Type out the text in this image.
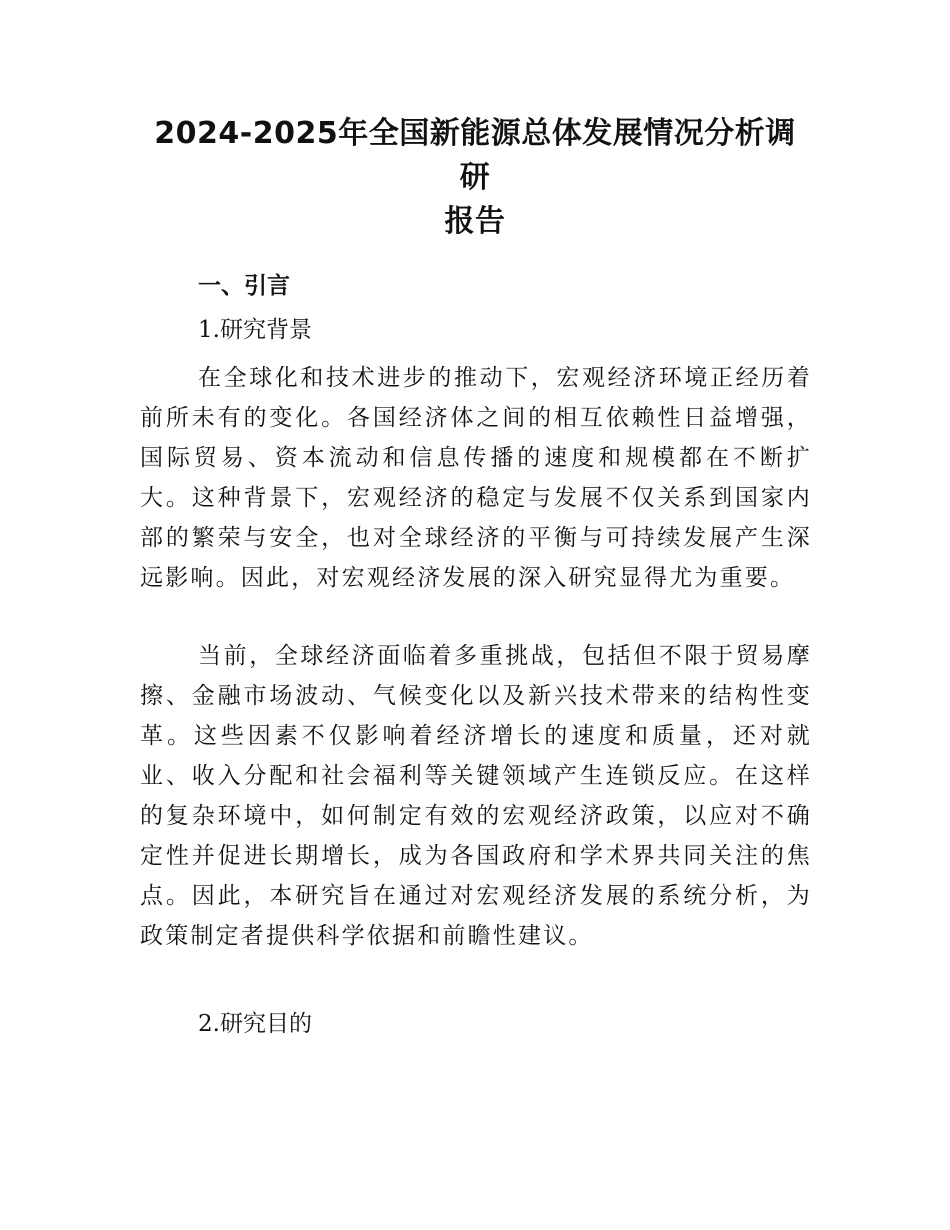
2024-2025年全国新能源总体发展情况分析调研
报告
一、引言
1.研究背景

在全球化和技术进步的推动下，宏观经济环境正经历着前所未有的变化。各国经济体之间的相互依赖性日益增强，国际贸易、资本流动和信息传播的速度和规模都在不断扩大。这种背景下，宏观经济的稳定与发展不仅关系到国家内部的繁荣与安全，也对全球经济的平衡与可持续发展产生深远影响。因此，对宏观经济发展的深入研究显得尤为重要。

当前，全球经济面临着多重挑战，包括但不限于贸易摩擦、金融市场波动、气候变化以及新兴技术带来的结构性变革。这些因素不仅影响着经济增长的速度和质量，还对就业、收入分配和社会福利等关键领域产生连锁反应。在这样的复杂环境中，如何制定有效的宏观经济政策，以应对不确定性并促进长期增长，成为各国政府和学术界共同关注的焦点。因此，本研究旨在通过对宏观经济发展的系统分析，为政策制定者提供科学依据和前瞻性建议。

2.研究目的
